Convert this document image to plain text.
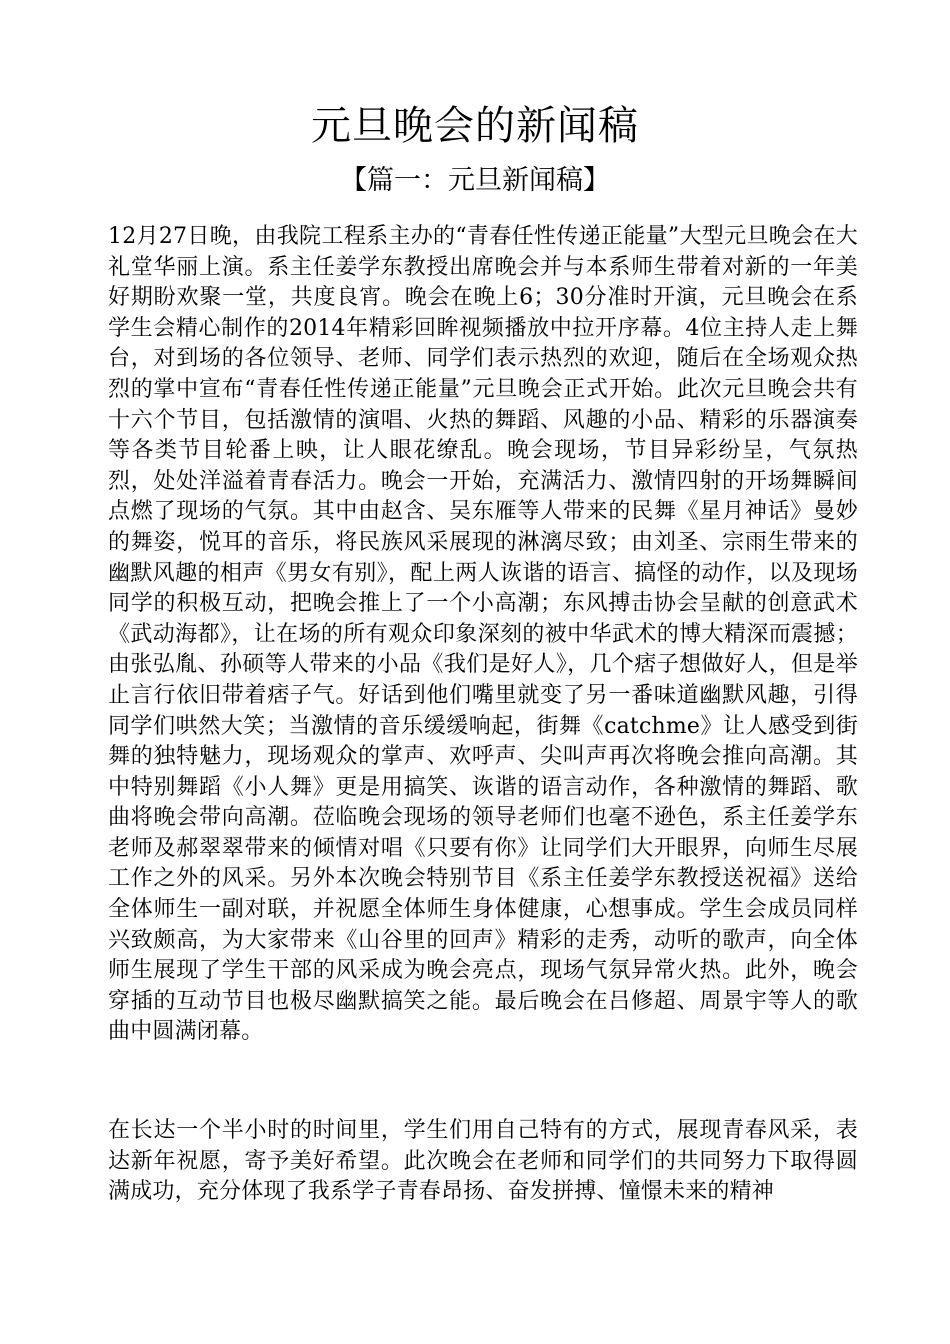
元旦晚会的新闻稿
【篇一：元旦新闻稿】

12月27日晚，由我院工程系主办的“青春任性传递正能量”大型元旦晚会在大礼堂华丽上演。系主任姜学东教授出席晚会并与本系师生带着对新的一年美好期盼欢聚一堂，共度良宵。晚会在晚上6；30分准时开演，元旦晚会在系学生会精心制作的2014年精彩回眸视频播放中拉开序幕。4位主持人走上舞台，对到场的各位领导、老师、同学们表示热烈的欢迎，随后在全场观众热烈的掌中宣布“青春任性传递正能量”元旦晚会正式开始。此次元旦晚会共有十六个节目，包括激情的演唱、火热的舞蹈、风趣的小品、精彩的乐器演奏等各类节目轮番上映，让人眼花缭乱。晚会现场，节目异彩纷呈，气氛热烈，处处洋溢着青春活力。晚会一开始，充满活力、激情四射的开场舞瞬间点燃了现场的气氛。其中由赵含、吴东雁等人带来的民舞《星月神话》曼妙的舞姿，悦耳的音乐，将民族风采展现的淋漓尽致；由刘圣、宗雨生带来的幽默风趣的相声《男女有别》，配上两人诙谐的语言、搞怪的动作，以及现场同学的积极互动，把晚会推上了一个小高潮；东风搏击协会呈献的创意武术《武动海都》，让在场的所有观众印象深刻的被中华武术的博大精深而震撼；由张弘胤、孙硕等人带来的小品《我们是好人》，几个痞子想做好人，但是举止言行依旧带着痞子气。好话到他们嘴里就变了另一番味道幽默风趣，引得同学们哄然大笑；当激情的音乐缓缓响起，街舞《catchme》让人感受到街舞的独特魅力，现场观众的掌声、欢呼声、尖叫声再次将晚会推向高潮。其中特别舞蹈《小人舞》更是用搞笑、诙谐的语言动作，各种激情的舞蹈、歌曲将晚会带向高潮。莅临晚会现场的领导老师们也毫不逊色，系主任姜学东老师及郝翠翠带来的倾情对唱《只要有你》让同学们大开眼界，向师生尽展工作之外的风采。另外本次晚会特别节目《系主任姜学东教授送祝福》送给全体师生一副对联，并祝愿全体师生身体健康，心想事成。学生会成员同样兴致颇高，为大家带来《山谷里的回声》精彩的走秀，动听的歌声，向全体师生展现了学生干部的风采成为晚会亮点，现场气氛异常火热。此外，晚会穿插的互动节目也极尽幽默搞笑之能。最后晚会在吕修超、周景宇等人的歌曲中圆满闭幕。

在长达一个半小时的时间里，学生们用自己特有的方式，展现青春风采，表达新年祝愿，寄予美好希望。此次晚会在老师和同学们的共同努力下取得圆满成功，充分体现了我系学子青春昂扬、奋发拼搏、憧憬未来的精神
